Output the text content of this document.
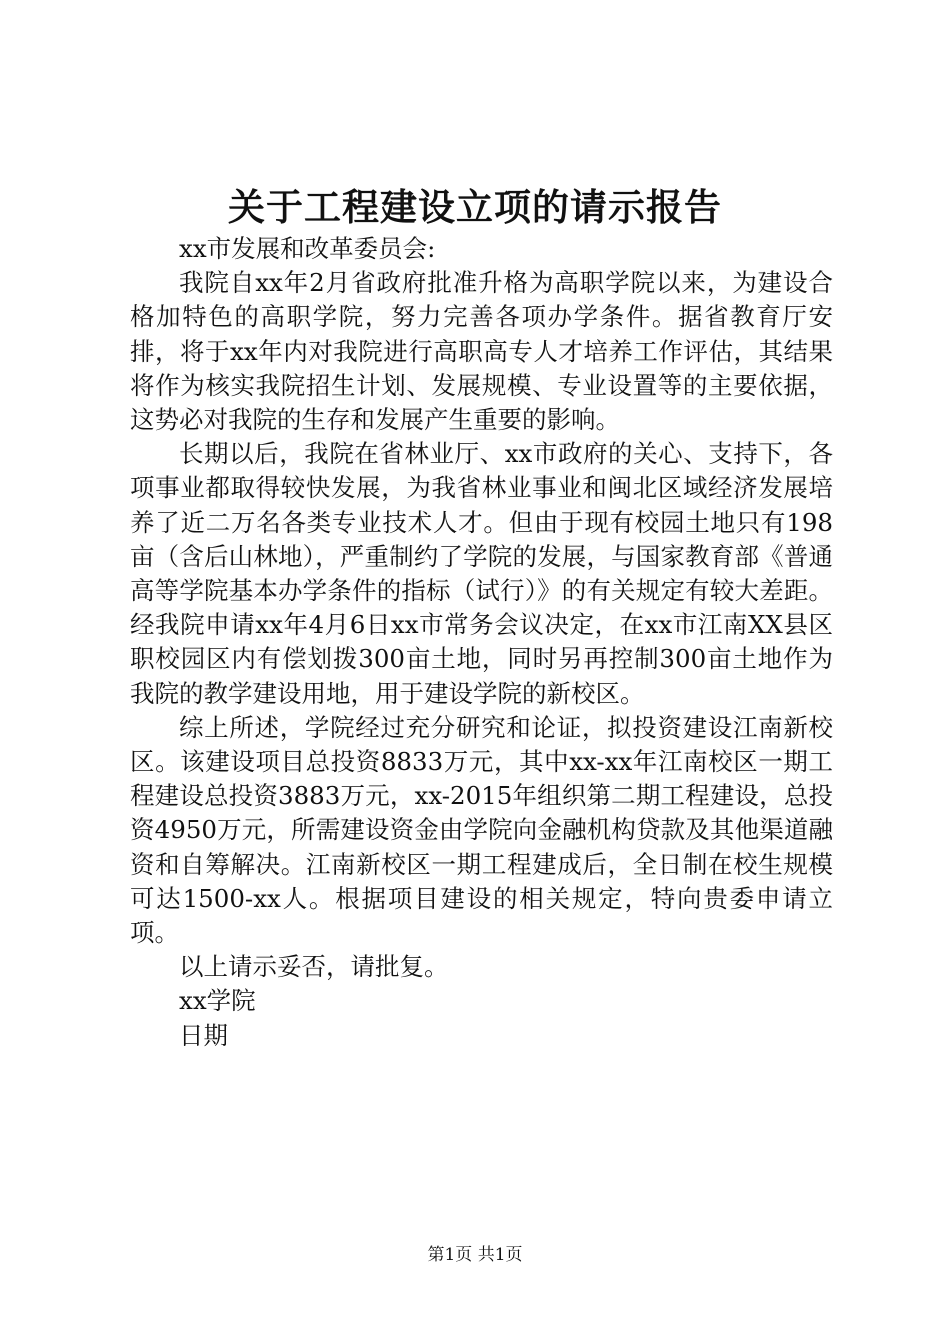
关于工程建设立项的请示报告

xx市发展和改革委员会:

我院自xx年2月省政府批准升格为高职学院以来，为建设合格加特色的高职学院，努力完善各项办学条件。据省教育厅安排，将于xx年内对我院进行高职高专人才培养工作评估，其结果将作为核实我院招生计划、发展规模、专业设置等的主要依据，这势必对我院的生存和发展产生重要的影响。

长期以后，我院在省林业厅、xx市政府的关心、支持下，各项事业都取得较快发展，为我省林业事业和闽北区域经济发展培养了近二万名各类专业技术人才。但由于现有校园土地只有198亩（含后山林地），严重制约了学院的发展，与国家教育部《普通高等学院基本办学条件的指标（试行）》的有关规定有较大差距。经我院申请xx年4月6日xx市常务会议决定，在xx市江南XX县区职校园区内有偿划拨300亩土地，同时另再控制300亩土地作为我院的教学建设用地，用于建设学院的新校区。

综上所述，学院经过充分研究和论证，拟投资建设江南新校区。该建设项目总投资8833万元，其中xx-xx年江南校区一期工程建设总投资3883万元，xx-2015年组织第二期工程建设，总投资4950万元，所需建设资金由学院向金融机构贷款及其他渠道融资和自筹解决。江南新校区一期工程建成后，全日制在校生规模可达1500-xx人。根据项目建设的相关规定，特向贵委申请立项。

以上请示妥否，请批复。

xx学院

日期

第1页 共1页
